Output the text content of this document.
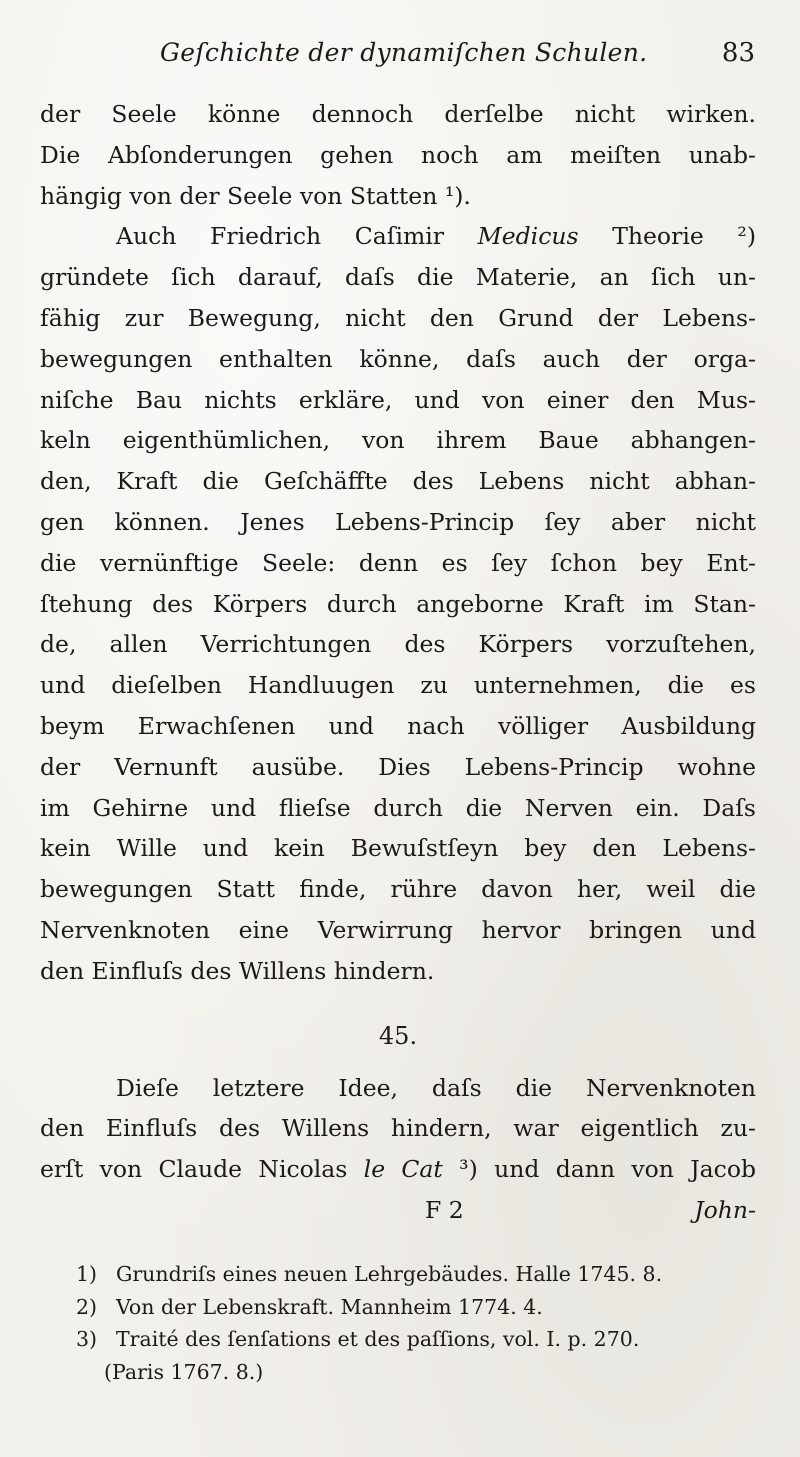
Geſchichte der dynamiſchen Schulen.	83
der Seele könne dennoch derſelbe nicht wirken.
Die Abſonderungen gehen noch am meiſten unab-
hängig von der Seele von Statten ¹).
Auch Friedrich Caſimir Medicus Theorie ²)
gründete ſich darauf, daſs die Materie, an ſich un-
fähig zur Bewegung, nicht den Grund der Lebens-
bewegungen enthalten könne, daſs auch der orga-
niſche Bau nichts erkläre, und von einer den Mus-
keln eigenthümlichen, von ihrem Baue abhangen-
den, Kraft die Geſchäffte des Lebens nicht abhan-
gen können. Jenes Lebens-Princip ſey aber nicht
die vernünftige Seele: denn es ſey ſchon bey Ent-
ſtehung des Körpers durch angeborne Kraft im Stan-
de, allen Verrichtungen des Körpers vorzuſtehen,
und dieſelben Handluugen zu unternehmen, die es
beym Erwachſenen und nach völliger Ausbildung
der Vernunft ausübe. Dies Lebens-Princip wohne
im Gehirne und flieſse durch die Nerven ein. Daſs
kein Wille und kein Bewuſstſeyn bey den Lebens-
bewegungen Statt finde, rühre davon her, weil die
Nervenknoten eine Verwirrung hervor bringen und
den Einfluſs des Willens hindern.
45.
Dieſe letztere Idee, daſs die Nervenknoten
den Einfluſs des Willens hindern, war eigentlich zu-
erſt von Claude Nicolas le Cat ³) und dann von Jacob
F 2	John-
1) Grundriſs eines neuen Lehrgebäudes. Halle 1745. 8.
2) Von der Lebenskraft. Mannheim 1774. 4.
3) Traité des ſenſations et des paſſions, vol. I. p. 270.
(Paris 1767. 8.)
